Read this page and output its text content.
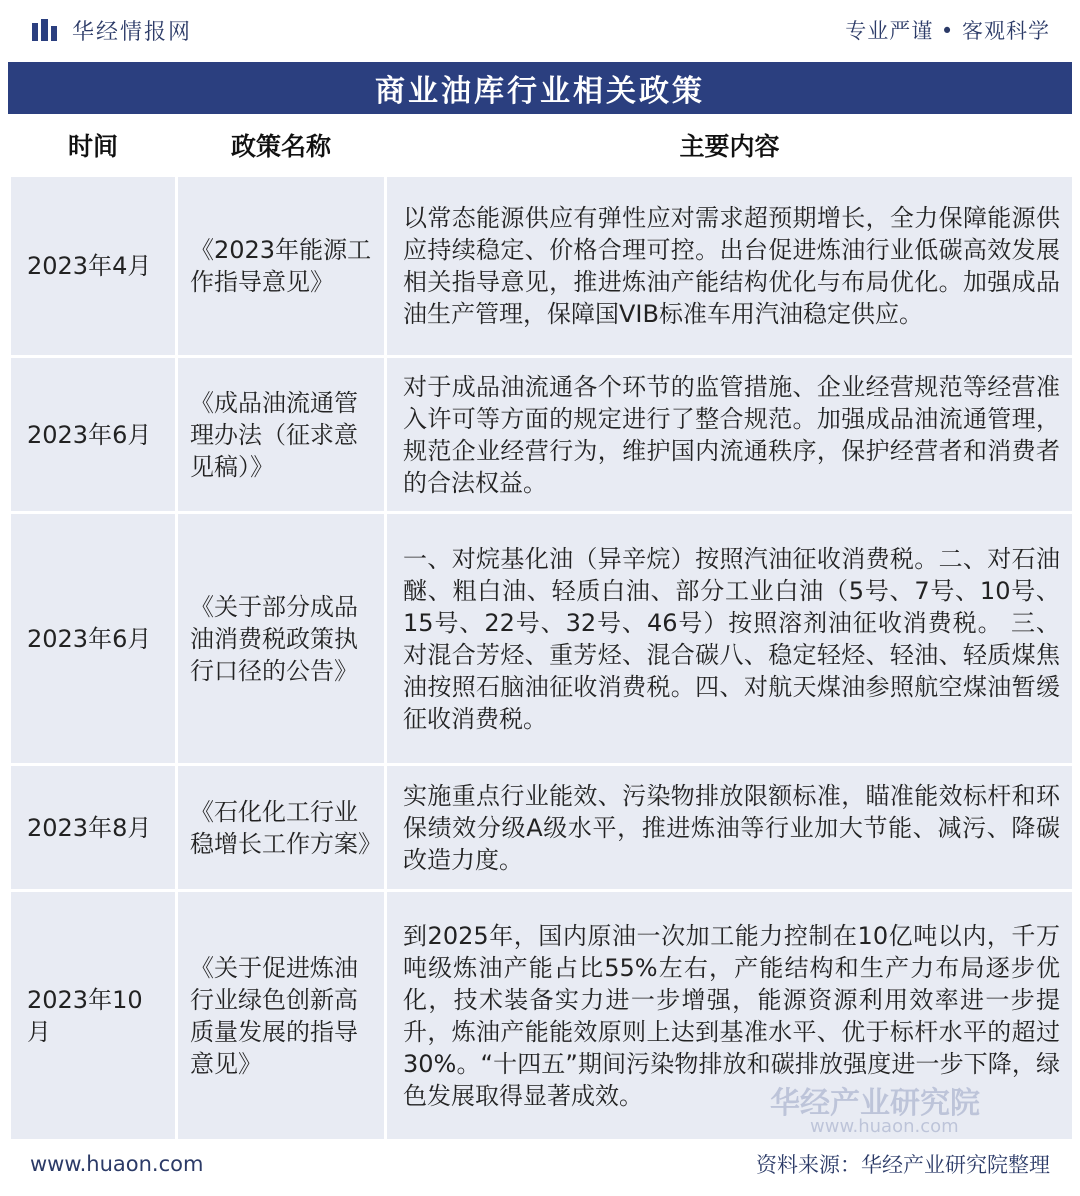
华经情报网	专业严谨 • 客观科学
商业油库行业相关政策
时间	政策名称	主要内容
2023年4月	《2023年能源工作指导意见》	以常态能源供应有弹性应对需求超预期增长，全力保障能源供应持续稳定、价格合理可控。出台促进炼油行业低碳高效发展相关指导意见，推进炼油产能结构优化与布局优化。加强成品油生产管理，保障国VIB标准车用汽油稳定供应。
2023年6月	《成品油流通管理办法（征求意见稿）》	对于成品油流通各个环节的监管措施、企业经营规范等经营准入许可等方面的规定进行了整合规范。加强成品油流通管理，规范企业经营行为，维护国内流通秩序，保护经营者和消费者的合法权益。
2023年6月	《关于部分成品油消费税政策执行口径的公告》	一、对烷基化油（异辛烷）按照汽油征收消费税。二、对石油醚、粗白油、轻质白油、部分工业白油（5号、7号、10号、15号、22号、32号、46号）按照溶剂油征收消费税。 三、对混合芳烃、重芳烃、混合碳八、稳定轻烃、轻油、轻质煤焦油按照石脑油征收消费税。四、对航天煤油参照航空煤油暂缓征收消费税。
2023年8月	《石化化工行业稳增长工作方案》	实施重点行业能效、污染物排放限额标准，瞄准能效标杆和环保绩效分级A级水平，推进炼油等行业加大节能、减污、降碳改造力度。
2023年10月	《关于促进炼油行业绿色创新高质量发展的指导意见》	到2025年，国内原油一次加工能力控制在10亿吨以内，千万吨级炼油产能占比55%左右，产能结构和生产力布局逐步优化，技术装备实力进一步增强，能源资源利用效率进一步提升，炼油产能能效原则上达到基准水平、优于标杆水平的超过30%。“十四五”期间污染物排放和碳排放强度进一步下降，绿色发展取得显著成效。	华经产业研究院
www.huaon.com
www.huaon.com	资料来源：华经产业研究院整理
